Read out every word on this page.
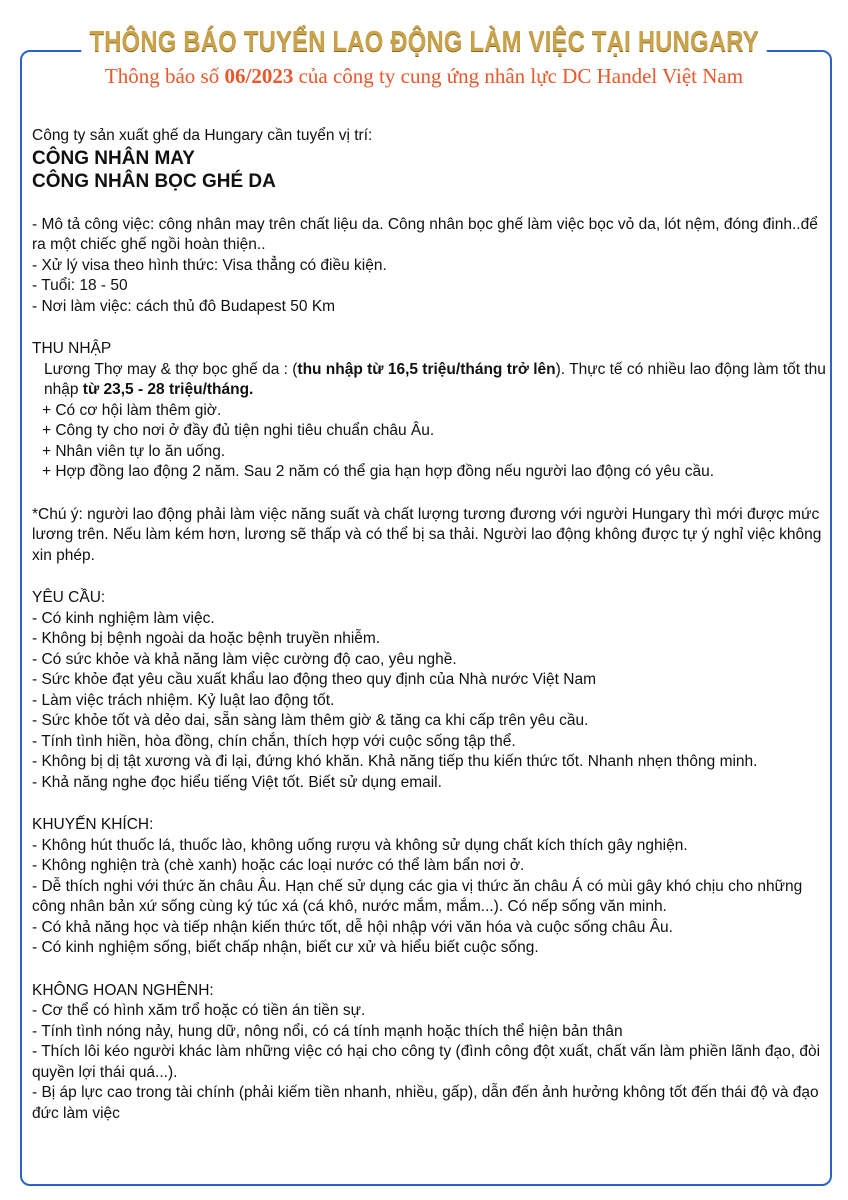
THÔNG BÁO TUYỂN LAO ĐỘNG LÀM VIỆC TẠI HUNGARY
Thông báo số 06/2023 của công ty cung ứng nhân lực DC Handel Việt Nam

Công ty sản xuất ghế da Hungary cần tuyển vị trí:

CÔNG NHÂN MAY

CÔNG NHÂN BỌC GHÉ DA

- Mô tả công việc: công nhân may trên chất liệu da. Công nhân bọc ghế làm việc bọc vỏ da, lót nệm, đóng đinh..để ra một chiếc ghế ngồi hoàn thiện..

- Xử lý visa theo hình thức: Visa thẳng có điều kiện.

- Tuổi: 18 - 50

- Nơi làm việc: cách thủ đô Budapest 50 Km

THU NHẬP

Lương Thợ may & thợ bọc ghế da : (thu nhập từ 16,5 triệu/tháng trở lên). Thực tế có nhiều lao động làm tốt thu nhập từ 23,5 - 28 triệu/tháng.

+ Có cơ hội làm thêm giờ.

+ Công ty cho nơi ở đầy đủ tiện nghi tiêu chuẩn châu Âu.

+ Nhân viên tự lo ăn uống.

+ Hợp đồng lao động 2 năm. Sau 2 năm có thể gia hạn hợp đồng nếu người lao động có yêu cầu.

*Chú ý: người lao động phải làm việc năng suất và chất lượng tương đương với người Hungary thì mới được mức lương trên. Nếu làm kém hơn, lương sẽ thấp và có thể bị sa thải. Người lao động không được tự ý nghỉ việc không xin phép.

YÊU CẦU:

- Có kinh nghiệm làm việc.

- Không bị bệnh ngoài da hoặc bệnh truyền nhiễm.

- Có sức khỏe và khả năng làm việc cường độ cao, yêu nghề.

- Sức khỏe đạt yêu cầu xuất khẩu lao động theo quy định của Nhà nước Việt Nam

- Làm việc trách nhiệm. Kỷ luật lao động tốt.

- Sức khỏe tốt và dẻo dai, sẵn sàng làm thêm giờ & tăng ca khi cấp trên yêu cầu.

- Tính tình hiền, hòa đồng, chín chắn, thích hợp với cuộc sống tập thể.

- Không bị dị tật xương và đi lại, đứng khó khăn. Khả năng tiếp thu kiến thức tốt. Nhanh nhẹn thông minh.

- Khả năng nghe đọc hiểu tiếng Việt tốt. Biết sử dụng email.

KHUYẾN KHÍCH:

- Không hút thuốc lá, thuốc lào, không uống rượu và không sử dụng chất kích thích gây nghiện.

- Không nghiện trà (chè xanh) hoặc các loại nước có thể làm bẩn nơi ở.

- Dễ thích nghi với thức ăn châu Âu. Hạn chế sử dụng các gia vị thức ăn châu Á có mùi gây khó chịu cho những công nhân bản xứ sống cùng ký túc xá (cá khô, nước mắm, mắm...). Có nếp sống văn minh.

- Có khả năng học và tiếp nhận kiến thức tốt, dễ hội nhập với văn hóa và cuộc sống châu Âu.

- Có kinh nghiệm sống, biết chấp nhận, biết cư xử và hiểu biết cuộc sống.

KHÔNG HOAN NGHÊNH:

- Cơ thể có hình xăm trổ hoặc có tiền án tiền sự.

- Tính tình nóng nảy, hung dữ, nông nổi, có cá tính mạnh hoặc thích thể hiện bản thân

- Thích lôi kéo người khác làm những việc có hại cho công ty (đình công đột xuất, chất vấn làm phiền lãnh đạo, đòi quyền lợi thái quá...).

- Bị áp lực cao trong tài chính (phải kiếm tiền nhanh, nhiều, gấp), dẫn đến ảnh hưởng không tốt đến thái độ và đạo đức làm việc
